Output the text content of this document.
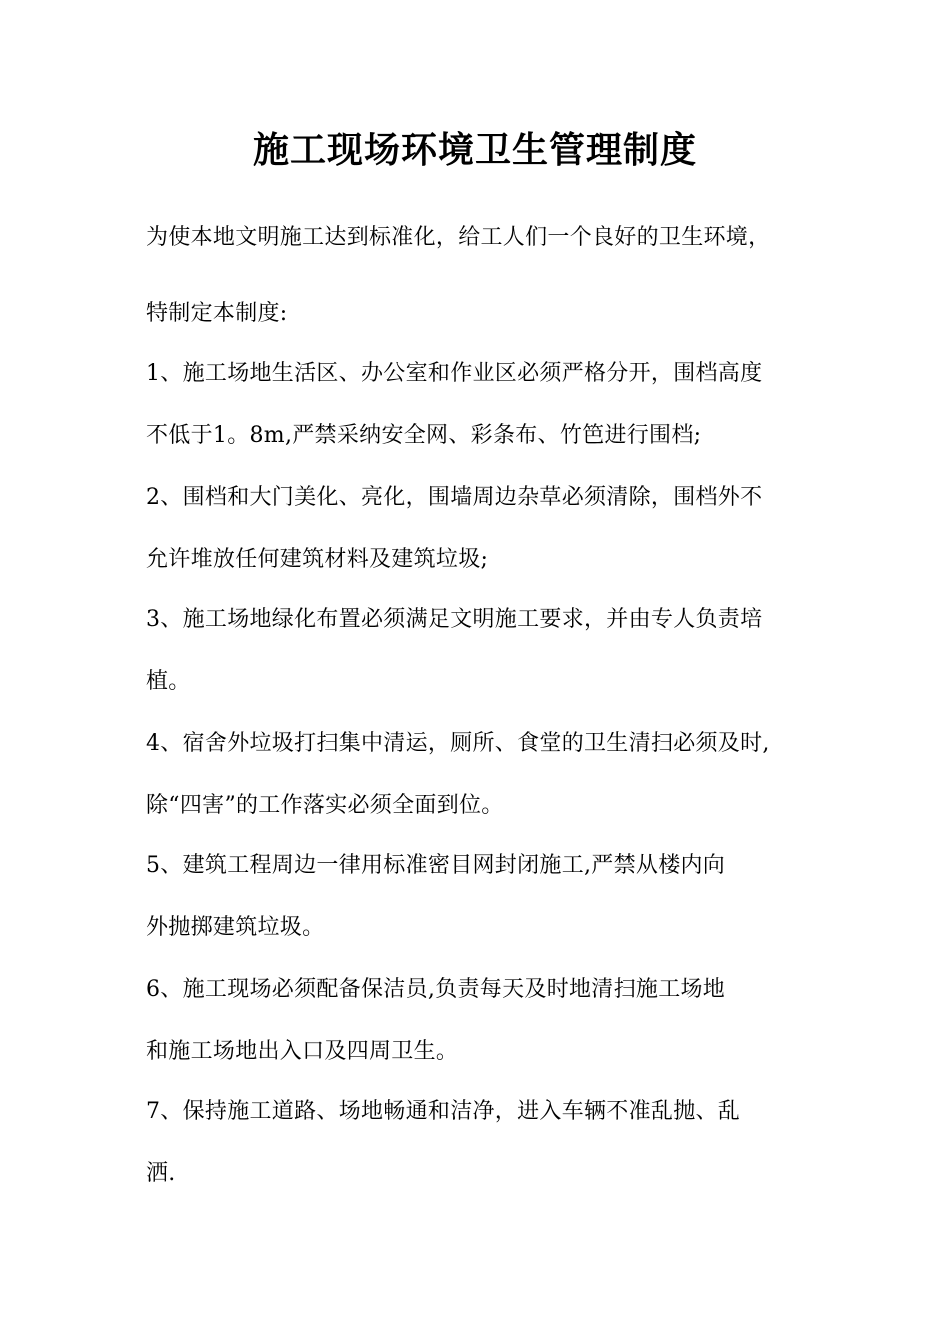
施工现场环境卫生管理制度
为使本地文明施工达到标准化，给工人们一个良好的卫生环境，
特制定本制度:
1、施工场地生活区、办公室和作业区必须严格分开，围档高度
不低于1。8m,严禁采纳安全网、彩条布、竹笆进行围档;
2、围档和大门美化、亮化，围墙周边杂草必须清除，围档外不
允许堆放任何建筑材料及建筑垃圾;
3、施工场地绿化布置必须满足文明施工要求，并由专人负责培
植。
4、宿舍外垃圾打扫集中清运，厕所、食堂的卫生清扫必须及时,
除“四害”的工作落实必须全面到位。
5、建筑工程周边一律用标准密目网封闭施工,严禁从楼内向
外抛掷建筑垃圾。
6、施工现场必须配备保洁员,负责每天及时地清扫施工场地
和施工场地出入口及四周卫生。
7、保持施工道路、场地畅通和洁净，进入车辆不准乱抛、乱
洒.
